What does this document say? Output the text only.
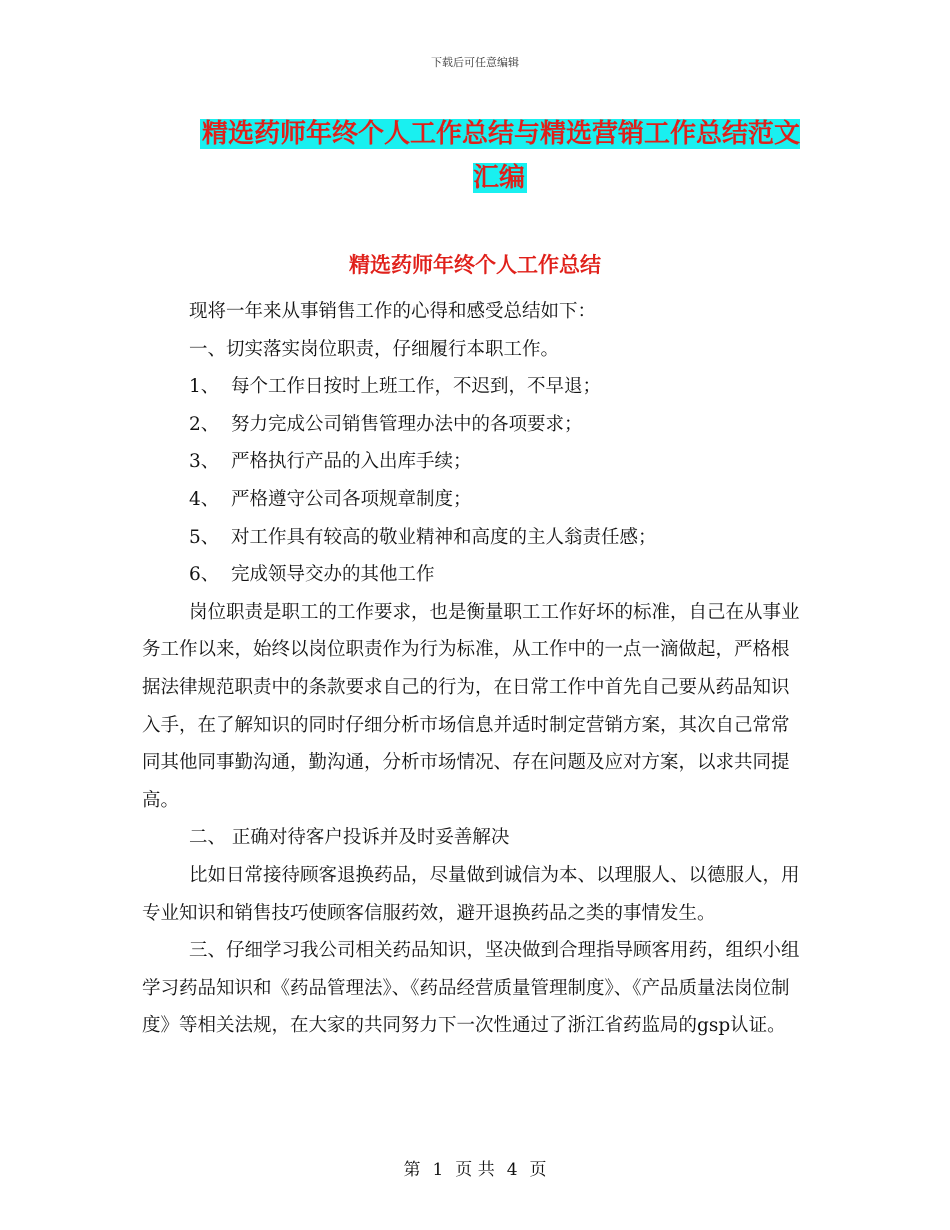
下载后可任意编辑
精选药师年终个人工作总结与精选营销工作总结范文汇编
精选药师年终个人工作总结

现将一年来从事销售工作的心得和感受总结如下：

一、切实落实岗位职责，仔细履行本职工作。

1、 每个工作日按时上班工作，不迟到，不早退；

2、 努力完成公司销售管理办法中的各项要求；

3、 严格执行产品的入出库手续；

4、 严格遵守公司各项规章制度；

5、 对工作具有较高的敬业精神和高度的主人翁责任感；

6、 完成领导交办的其他工作

岗位职责是职工的工作要求，也是衡量职工工作好坏的标准，自己在从事业务工作以来，始终以岗位职责作为行为标准，从工作中的一点一滴做起，严格根据法律规范职责中的条款要求自己的行为，在日常工作中首先自己要从药品知识入手，在了解知识的同时仔细分析市场信息并适时制定营销方案，其次自己常常同其他同事勤沟通，勤沟通，分析市场情况、存在问题及应对方案，以求共同提高。

二、 正确对待客户投诉并及时妥善解决

比如日常接待顾客退换药品，尽量做到诚信为本、以理服人、以德服人，用专业知识和销售技巧使顾客信服药效，避开退换药品之类的事情发生。

三、仔细学习我公司相关药品知识，坚决做到合理指导顾客用药，组织小组学习药品知识和《药品管理法》、《药品经营质量管理制度》、《产品质量法岗位制度》等相关法规，在大家的共同努力下一次性通过了浙江省药监局的gsp认证。

第 1 页 共 4 页
